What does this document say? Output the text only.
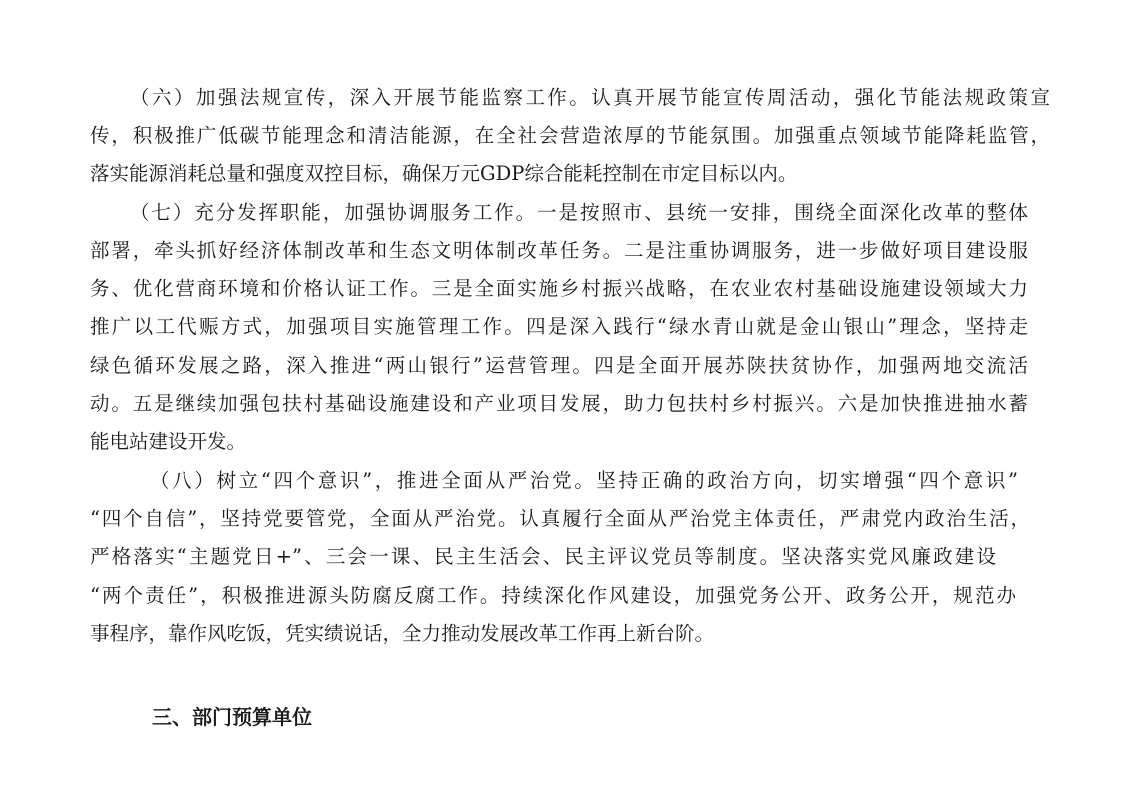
（六）加强法规宣传，深入开展节能监察工作。认真开展节能宣传周活动，强化节能法规政策宣
传，积极推广低碳节能理念和清洁能源，在全社会营造浓厚的节能氛围。加强重点领域节能降耗监管，
落实能源消耗总量和强度双控目标，确保万元GDP综合能耗控制在市定目标以内。
（七）充分发挥职能，加强协调服务工作。一是按照市、县统一安排，围绕全面深化改革的整体
部署，牵头抓好经济体制改革和生态文明体制改革任务。二是注重协调服务，进一步做好项目建设服
务、优化营商环境和价格认证工作。三是全面实施乡村振兴战略，在农业农村基础设施建设领域大力
推广以工代赈方式，加强项目实施管理工作。四是深入践行“绿水青山就是金山银山”理念，坚持走
绿色循环发展之路，深入推进“两山银行”运营管理。四是全面开展苏陕扶贫协作，加强两地交流活
动。五是继续加强包扶村基础设施建设和产业项目发展，助力包扶村乡村振兴。六是加快推进抽水蓄
能电站建设开发。
（八）树立“四个意识”，推进全面从严治党。坚持正确的政治方向，切实增强“四个意识”
“四个自信”，坚持党要管党，全面从严治党。认真履行全面从严治党主体责任，严肃党内政治生活，
严格落实“主题党日+”、三会一课、民主生活会、民主评议党员等制度。坚决落实党风廉政建设
“两个责任”，积极推进源头防腐反腐工作。持续深化作风建设，加强党务公开、政务公开，规范办
事程序，靠作风吃饭，凭实绩说话，全力推动发展改革工作再上新台阶。
三、部门预算单位
